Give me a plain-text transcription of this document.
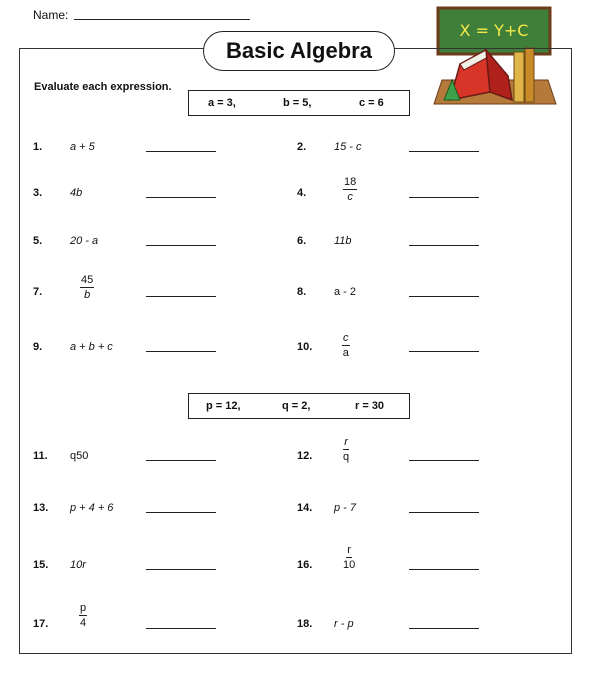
Name:
X = Y+C
Basic Algebra
Evaluate each expression.
a = 3,	b = 5,	c = 6
p = 12,	q = 2,	r = 30
1.	a + 5
3.	4b
5.	20 - a
7.	$\frac{45}{b}$
9.	a + b + c
11. q50
13. p + 4 + 6
15. 10r
17.	$\frac{p}{4}$
2.	15 - c
4.	$\frac{18}{c}$
6.	11b
8.	a - 2
10.	$\frac{c}{a}$
12.	$\frac{r}{q}$
14. p - 7
16.	$\frac{r}{10}$
18. r - p
